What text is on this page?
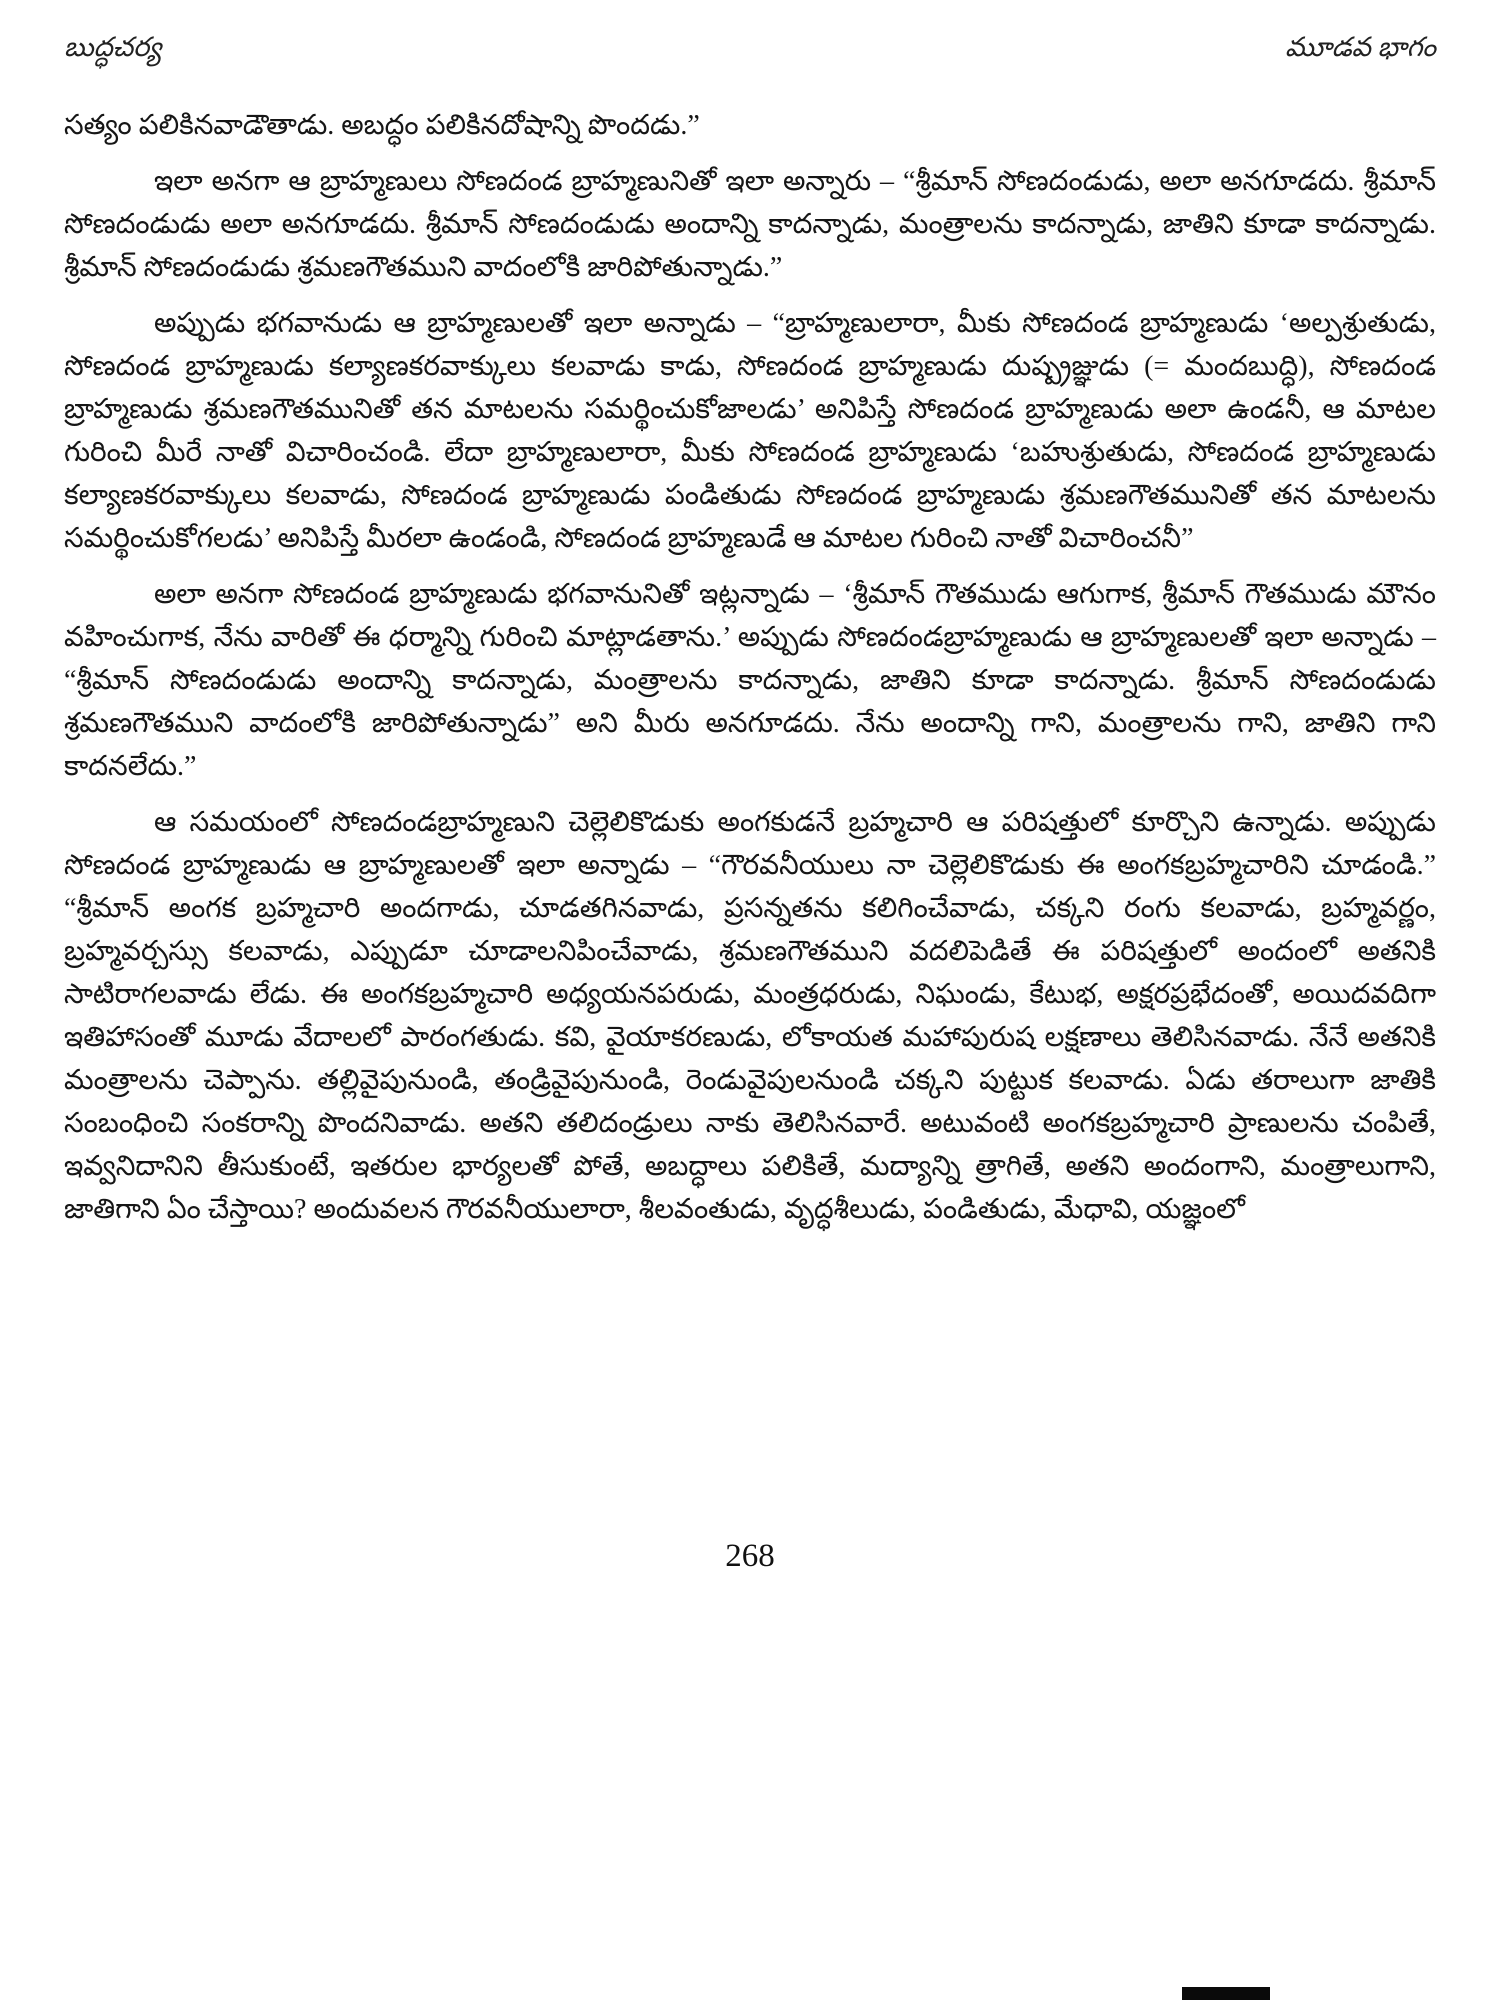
బుద్ధచర్య	మూడవ భాగం

సత్యం పలికినవాడౌతాడు. అబద్ధం పలికినదోషాన్ని పొందడు.”

ఇలా అనగా ఆ బ్రాహ్మణులు సోణదండ బ్రాహ్మణునితో ఇలా అన్నారు – “శ్రీమాన్ సోణదండుడు, అలా అనగూడదు. శ్రీమాన్ సోణదండుడు అలా అనగూడదు. శ్రీమాన్ సోణదండుడు అందాన్ని కాదన్నాడు, మంత్రాలను కాదన్నాడు, జాతిని కూడా కాదన్నాడు. శ్రీమాన్ సోణదండుడు శ్రమణగౌతముని వాదంలోకి జారిపోతున్నాడు.”

అప్పుడు భగవానుడు ఆ బ్రాహ్మణులతో ఇలా అన్నాడు – “బ్రాహ్మణులారా, మీకు సోణదండ బ్రాహ్మణుడు ‘అల్పశ్రుతుడు, సోణదండ బ్రాహ్మణుడు కల్యాణకరవాక్కులు కలవాడు కాడు, సోణదండ బ్రాహ్మణుడు దుష్ప్రజ్ఞుడు (= మందబుద్ధి), సోణదండ బ్రాహ్మణుడు శ్రమణగౌతమునితో తన మాటలను సమర్థించుకోజాలడు’ అనిపిస్తే సోణదండ బ్రాహ్మణుడు అలా ఉండనీ, ఆ మాటల గురించి మీరే నాతో విచారించండి. లేదా బ్రాహ్మణులారా, మీకు సోణదండ బ్రాహ్మణుడు ‘బహుశ్రుతుడు, సోణదండ బ్రాహ్మణుడు కల్యాణకరవాక్కులు కలవాడు, సోణదండ బ్రాహ్మణుడు పండితుడు సోణదండ బ్రాహ్మణుడు శ్రమణగౌతమునితో తన మాటలను సమర్థించుకోగలడు’ అనిపిస్తే మీరలా ఉండండి, సోణదండ బ్రాహ్మణుడే ఆ మాటల గురించి నాతో విచారించనీ”

అలా అనగా సోణదండ బ్రాహ్మణుడు భగవానునితో ఇట్లన్నాడు – ‘శ్రీమాన్ గౌతముడు ఆగుగాక, శ్రీమాన్ గౌతముడు మౌనం వహించుగాక, నేను వారితో ఈ ధర్మాన్ని గురించి మాట్లాడతాను.’ అప్పుడు సోణదండబ్రాహ్మణుడు ఆ బ్రాహ్మణులతో ఇలా అన్నాడు – “శ్రీమాన్ సోణదండుడు అందాన్ని కాదన్నాడు, మంత్రాలను కాదన్నాడు, జాతిని కూడా కాదన్నాడు. శ్రీమాన్ సోణదండుడు శ్రమణగౌతముని వాదంలోకి జారిపోతున్నాడు” అని మీరు అనగూడదు. నేను అందాన్ని గాని, మంత్రాలను గాని, జాతిని గాని కాదనలేదు.”

ఆ సమయంలో సోణదండబ్రాహ్మణుని చెల్లెలికొడుకు అంగకుడనే బ్రహ్మచారి ఆ పరిషత్తులో కూర్చొని ఉన్నాడు. అప్పుడు సోణదండ బ్రాహ్మణుడు ఆ బ్రాహ్మణులతో ఇలా అన్నాడు – “గౌరవనీయులు నా చెల్లెలికొడుకు ఈ అంగకబ్రహ్మచారిని చూడండి.” “శ్రీమాన్ అంగక బ్రహ్మచారి అందగాడు, చూడతగినవాడు, ప్రసన్నతను కలిగించేవాడు, చక్కని రంగు కలవాడు, బ్రహ్మవర్ణం, బ్రహ్మవర్చస్సు కలవాడు, ఎప్పుడూ చూడాలనిపించేవాడు, శ్రమణగౌతముని వదలిపెడితే ఈ పరిషత్తులో అందంలో అతనికి సాటిరాగలవాడు లేడు. ఈ అంగకబ్రహ్మచారి అధ్యయనపరుడు, మంత్రధరుడు, నిఘండు, కేటుభ, అక్షరప్రభేదంతో, అయిదవదిగా ఇతిహాసంతో మూడు వేదాలలో పారంగతుడు. కవి, వైయాకరణుడు, లోకాయత మహాపురుష లక్షణాలు తెలిసినవాడు. నేనే అతనికి మంత్రాలను చెప్పాను. తల్లివైపునుండి, తండ్రివైపునుండి, రెండువైపులనుండి చక్కని పుట్టుక కలవాడు. ఏడు తరాలుగా జాతికి సంబంధించి సంకరాన్ని పొందనివాడు. అతని తలిదండ్రులు నాకు తెలిసినవారే. అటువంటి అంగకబ్రహ్మచారి ప్రాణులను చంపితే, ఇవ్వనిదానిని తీసుకుంటే, ఇతరుల భార్యలతో పోతే, అబద్ధాలు పలికితే, మద్యాన్ని త్రాగితే, అతని అందంగాని, మంత్రాలుగాని, జాతిగాని ఏం చేస్తాయి? అందువలన గౌరవనీయులారా, శీలవంతుడు, వృద్ధశీలుడు, పండితుడు, మేధావి, యజ్ఞంలో

268
